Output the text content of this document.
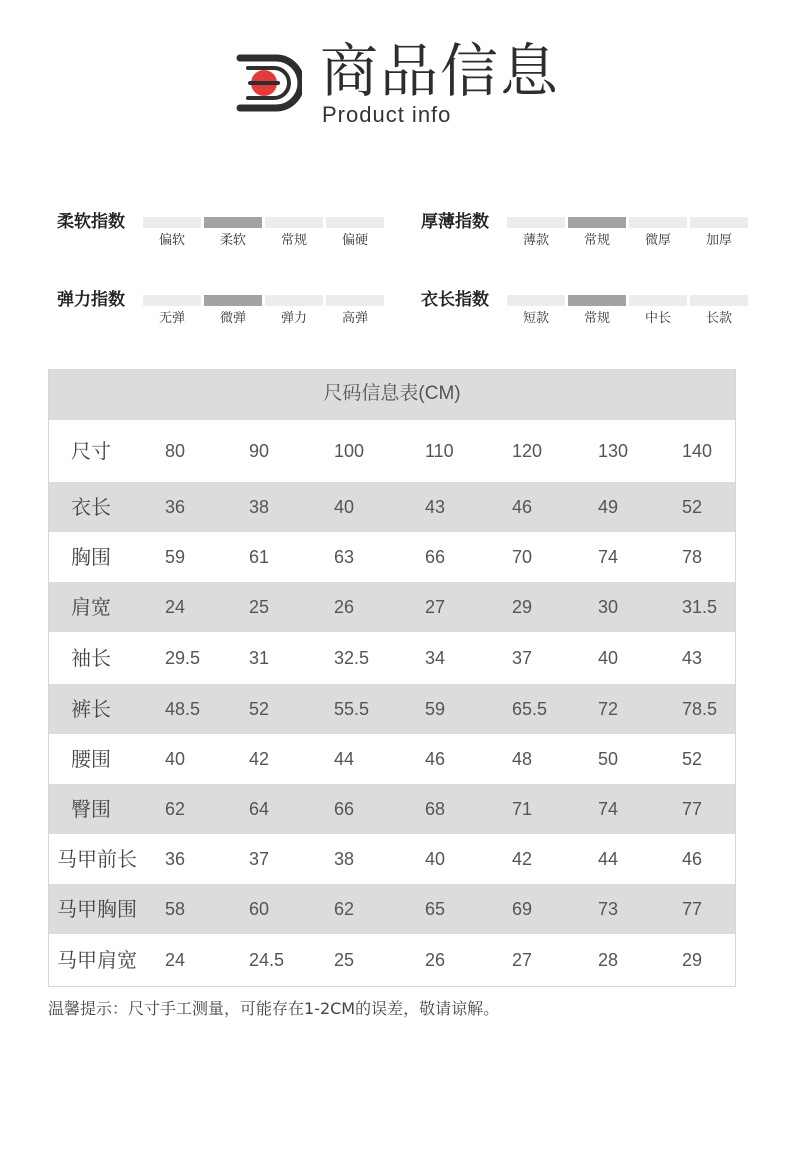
商品信息
Product info
柔软指数
偏软	柔软	常规	偏硬
厚薄指数
薄款	常规	微厚	加厚
弹力指数
无弹	微弹	弹力	高弹
衣长指数
短款	常规	中长	长款
尺码信息表(CM)
尺寸	80	90	100	110	120	130	140
衣长	36	38	40	43	46	49	52
胸围	59	61	63	66	70	74	78
肩宽	24	25	26	27	29	30	31.5
袖长	29.5	31	32.5	34	37	40	43
裤长	48.5	52	55.5	59	65.5	72	78.5
腰围	40	42	44	46	48	50	52
臀围	62	64	66	68	71	74	77
马甲前长 36	37	38	40	42	44	46
马甲胸围 58	60	62	65	69	73	77
马甲肩宽 24	24.5	25	26	27	28	29
温馨提示：尺寸手工测量，可能存在1-2CM的误差，敬请谅解。
